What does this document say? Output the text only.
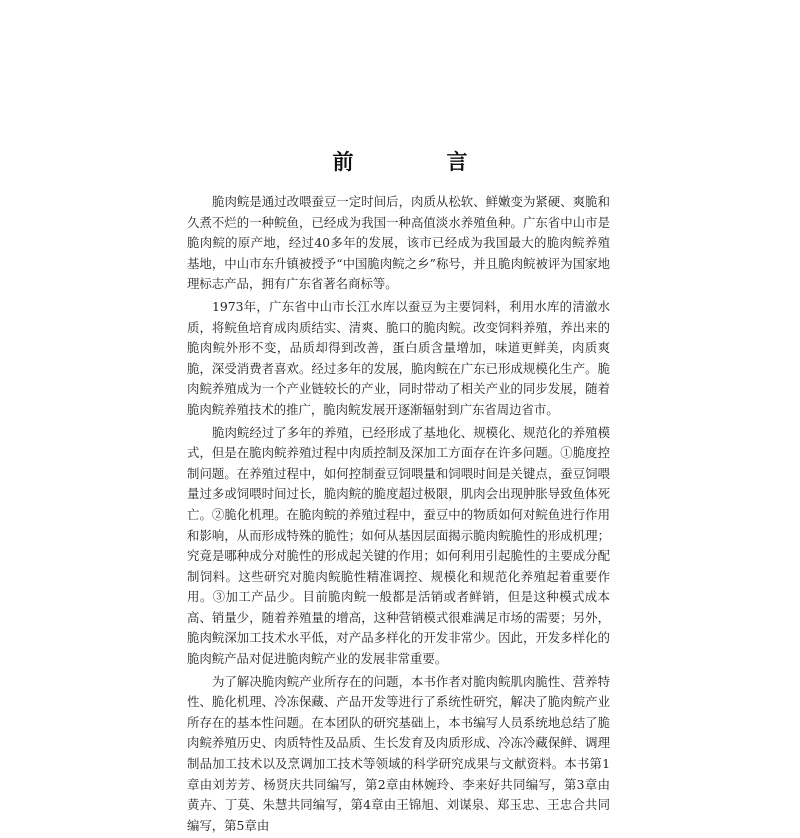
前　言

脆肉鲩是通过改喂蚕豆一定时间后，肉质从松软、鲜嫩变为紧硬、爽脆和久煮不烂的一种鲩鱼，已经成为我国一种高值淡水养殖鱼种。广东省中山市是脆肉鲩的原产地，经过40多年的发展，该市已经成为我国最大的脆肉鲩养殖基地，中山市东升镇被授予“中国脆肉鲩之乡”称号，并且脆肉鲩被评为国家地理标志产品，拥有广东省著名商标等。

1973年，广东省中山市长江水库以蚕豆为主要饲料，利用水库的清澈水质，将鲩鱼培育成肉质结实、清爽、脆口的脆肉鲩。改变饲料养殖，养出来的脆肉鲩外形不变，品质却得到改善，蛋白质含量增加，味道更鲜美，肉质爽脆，深受消费者喜欢。经过多年的发展，脆肉鲩在广东已形成规模化生产。脆肉鲩养殖成为一个产业链较长的产业，同时带动了相关产业的同步发展，随着脆肉鲩养殖技术的推广，脆肉鲩发展开逐渐辐射到广东省周边省市。

脆肉鲩经过了多年的养殖，已经形成了基地化、规模化、规范化的养殖模式，但是在脆肉鲩养殖过程中肉质控制及深加工方面存在许多问题。①脆度控制问题。在养殖过程中，如何控制蚕豆饲喂量和饲喂时间是关键点，蚕豆饲喂量过多或饲喂时间过长，脆肉鲩的脆度超过极限，肌肉会出现肿胀导致鱼体死亡。②脆化机理。在脆肉鲩的养殖过程中，蚕豆中的物质如何对鲩鱼进行作用和影响，从而形成特殊的脆性；如何从基因层面揭示脆肉鲩脆性的形成机理；究竟是哪种成分对脆性的形成起关键的作用；如何利用引起脆性的主要成分配制饲料。这些研究对脆肉鲩脆性精准调控、规模化和规范化养殖起着重要作用。③加工产品少。目前脆肉鲩一般都是活销或者鲜销，但是这种模式成本高、销量少，随着养殖量的增高，这种营销模式很难满足市场的需要；另外，脆肉鲩深加工技术水平低，对产品多样化的开发非常少。因此，开发多样化的脆肉鲩产品对促进脆肉鲩产业的发展非常重要。

为了解决脆肉鲩产业所存在的问题，本书作者对脆肉鲩肌肉脆性、营养特性、脆化机理、冷冻保藏、产品开发等进行了系统性研究，解决了脆肉鲩产业所存在的基本性问题。在本团队的研究基础上，本书编写人员系统地总结了脆肉鲩养殖历史、肉质特性及品质、生长发育及肉质形成、冷冻冷藏保鲜、调理制品加工技术以及烹调加工技术等领域的科学研究成果与文献资料。本书第1章由刘芳芳、杨贤庆共同编写，第2章由林婉玲、李来好共同编写，第3章由黄卉、丁莫、朱慧共同编写，第4章由王锦旭、刘谋泉、郑玉忠、王忠合共同编写，第5章由
